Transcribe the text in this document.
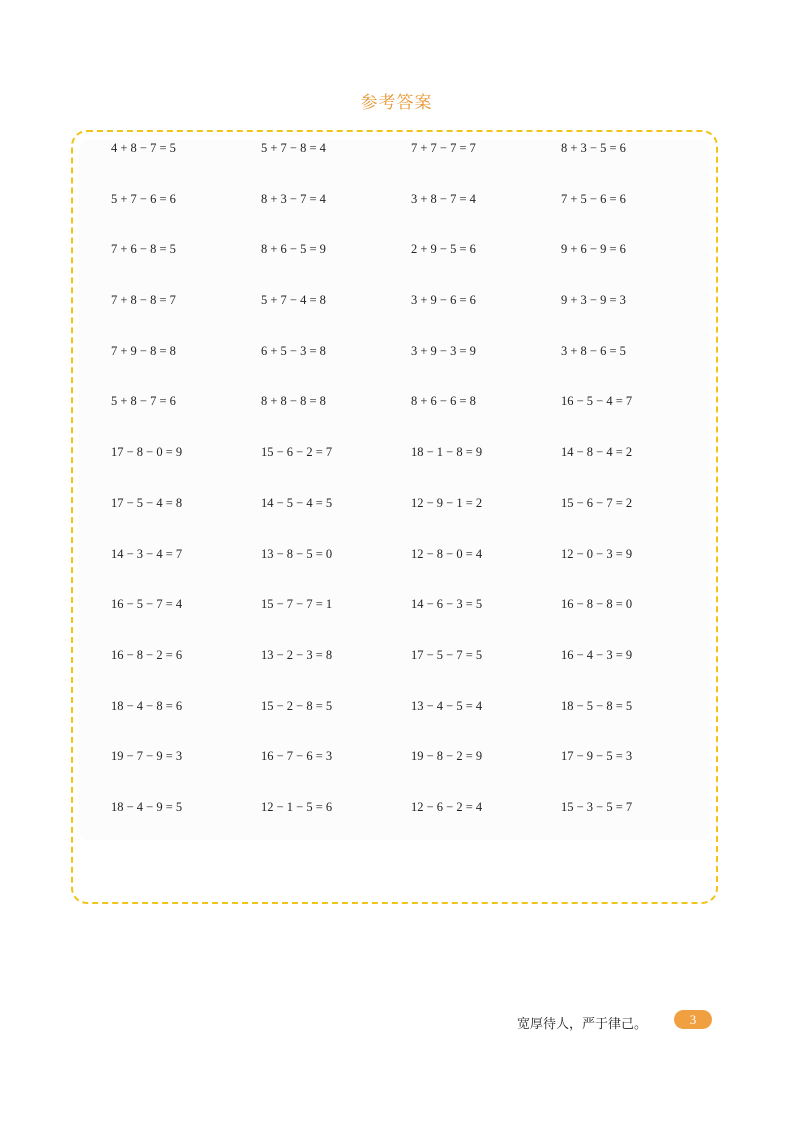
参考答案
4 + 8 − 7 = 5	5 + 7 − 8 = 4	7 + 7 − 7 = 7	8 + 3 − 5 = 6
5 + 7 − 6 = 6	8 + 3 − 7 = 4	3 + 8 − 7 = 4	7 + 5 − 6 = 6
7 + 6 − 8 = 5	8 + 6 − 5 = 9	2 + 9 − 5 = 6	9 + 6 − 9 = 6
7 + 8 − 8 = 7	5 + 7 − 4 = 8	3 + 9 − 6 = 6	9 + 3 − 9 = 3
7 + 9 − 8 = 8	6 + 5 − 3 = 8	3 + 9 − 3 = 9	3 + 8 − 6 = 5
5 + 8 − 7 = 6	8 + 8 − 8 = 8	8 + 6 − 6 = 8	16 − 5 − 4 = 7
17 − 8 − 0 = 9	15 − 6 − 2 = 7	18 − 1 − 8 = 9	14 − 8 − 4 = 2
17 − 5 − 4 = 8	14 − 5 − 4 = 5	12 − 9 − 1 = 2	15 − 6 − 7 = 2
14 − 3 − 4 = 7	13 − 8 − 5 = 0	12 − 8 − 0 = 4	12 − 0 − 3 = 9
16 − 5 − 7 = 4	15 − 7 − 7 = 1	14 − 6 − 3 = 5	16 − 8 − 8 = 0
16 − 8 − 2 = 6	13 − 2 − 3 = 8	17 − 5 − 7 = 5	16 − 4 − 3 = 9
18 − 4 − 8 = 6	15 − 2 − 8 = 5	13 − 4 − 5 = 4	18 − 5 − 8 = 5
19 − 7 − 9 = 3	16 − 7 − 6 = 3	19 − 8 − 2 = 9	17 − 9 − 5 = 3
18 − 4 − 9 = 5	12 − 1 − 5 = 6	12 − 6 − 2 = 4	15 − 3 − 5 = 7
宽厚待人，严于律己。	3
